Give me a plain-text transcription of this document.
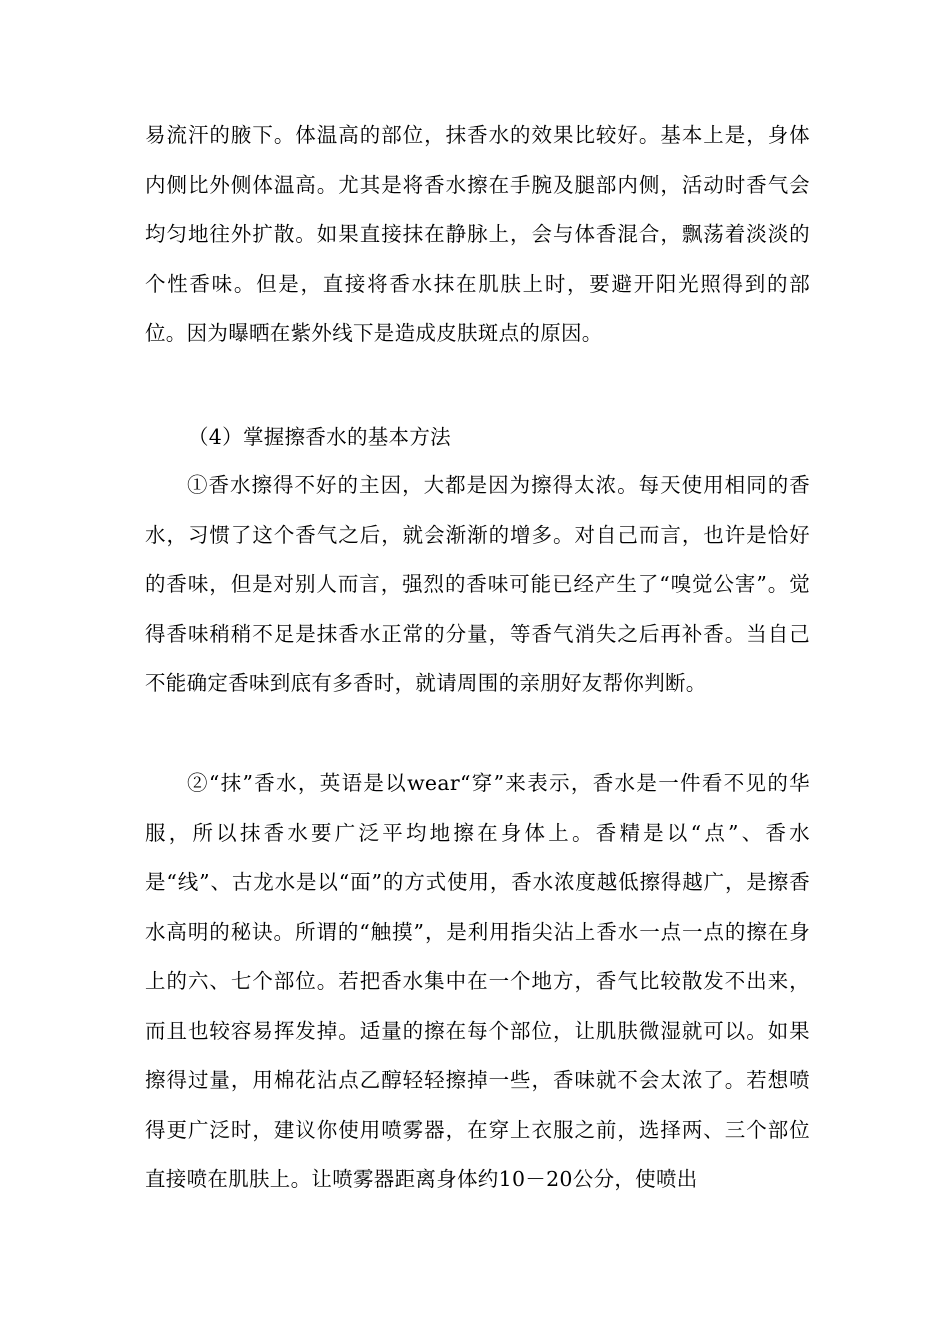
易流汗的腋下。体温高的部位，抹香水的效果比较好。基本上是，身体内侧比外侧体温高。尤其是将香水擦在手腕及腿部内侧，活动时香气会均匀地往外扩散。如果直接抹在静脉上，会与体香混合，飘荡着淡淡的个性香味。但是，直接将香水抹在肌肤上时，要避开阳光照得到的部位。因为曝晒在紫外线下是造成皮肤斑点的原因。

（4）掌握擦香水的基本方法

①香水擦得不好的主因，大都是因为擦得太浓。每天使用相同的香水，习惯了这个香气之后，就会渐渐的增多。对自己而言，也许是恰好的香味，但是对别人而言，强烈的香味可能已经产生了“嗅觉公害”。觉得香味稍稍不足是抹香水正常的分量，等香气消失之后再补香。当自己不能确定香味到底有多香时，就请周围的亲朋好友帮你判断。

②“抹”香水，英语是以wear“穿”来表示，香水是一件看不见的华服，所以抹香水要广泛平均地擦在身体上。香精是以“点”、香水是“线”、古龙水是以“面”的方式使用，香水浓度越低擦得越广，是擦香水高明的秘诀。所谓的“触摸”，是利用指尖沾上香水一点一点的擦在身上的六、七个部位。若把香水集中在一个地方，香气比较散发不出来，而且也较容易挥发掉。适量的擦在每个部位，让肌肤微湿就可以。如果擦得过量，用棉花沾点乙醇轻轻擦掉一些，香味就不会太浓了。若想喷得更广泛时，建议你使用喷雾器，在穿上衣服之前，选择两、三个部位直接喷在肌肤上。让喷雾器距离身体约10－20公分，使喷出
